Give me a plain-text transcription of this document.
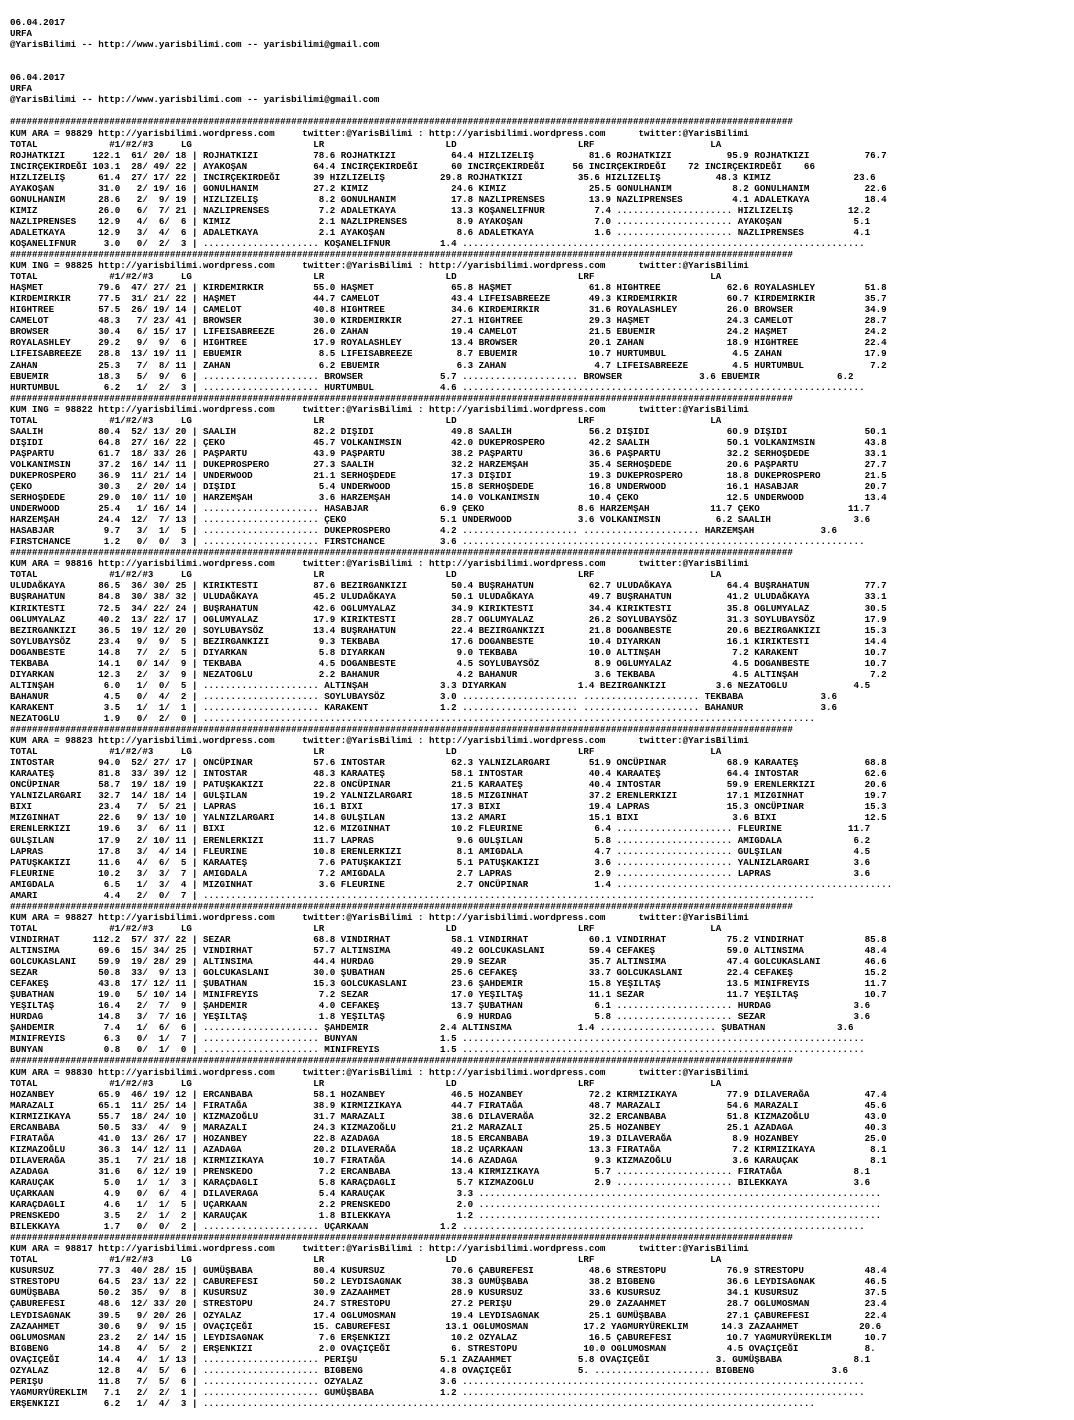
06.04.2017
URFA
@YarisBilimi -- http://www.yarisbilimi.com -- yarisbilimi@gmail.com
06.04.2017
URFA
@YarisBilimi -- http://www.yarisbilimi.com -- yarisbilimi@gmail.com
##############################################################################################################################################
KUM ARA = 98829 http://yarisbilimi.wordpress.com     twitter:@YarisBilimi : http://yarisbilimi.wordpress.com      twitter:@YarisBilimi
TOTAL             #1/#2/#3     LG                      LR                      LD                      LRF                     LA
ROJHATKIZI     122.1  61/ 20/ 18 | ROJHATKIZI          78.6 ROJHATKIZI          64.4 HIZLIZELIŞ          81.6 ROJHATKIZI          95.9 ROJHATKIZI          76.7
INCIRÇEKIRDEĞI 103.1  28/ 49/ 22 | AYAKOŞAN            64.4 INCIRÇEKIRDEĞI      60 INCIRÇEKIRDEĞI     56 INCIRÇEKIRDEĞI    72 INCIRÇEKIRDEĞI    66
HIZLIZELIŞ      61.4  27/ 17/ 22 | INCIRÇEKIRDEĞI      39 HIZLIZELIŞ          29.8 ROJHATKIZI          35.6 HIZLIZELIŞ          48.3 KIMIZ               23.6
AYAKOŞAN        31.0   2/ 19/ 16 | GONULHANIM          27.2 KIMIZ               24.6 KIMIZ               25.5 GONULHANIM           8.2 GONULHANIM          22.6
GONULHANIM      28.6   2/  9/ 19 | HIZLIZELIŞ           8.2 GONULHANIM          17.8 NAZLIPRENSES        13.9 NAZLIPRENSES         4.1 ADALETKAYA          18.4
KIMIZ           26.0   6/  7/ 21 | NAZLIPRENSES         7.2 ADALETKAYA          13.3 KOŞANELIFNUR         7.4 ..................... HIZLIZELIŞ          12.2
NAZLIPRENSES    12.9   4/  6/  6 | KIMIZ                2.1 NAZLIPRENSES         8.9 AYAKOŞAN             7.0 ..................... AYAKOŞAN             5.1
ADALETKAYA      12.9   3/  4/  6 | ADALETKAYA           2.1 AYAKOŞAN             8.6 ADALETKAYA           1.6 ..................... NAZLIPRENSES         4.1
KOŞANELIFNUR     3.0   0/  2/  3 | ..................... KOŞANELIFNUR         1.4 .........................................................................
##############################################################################################################################################
KUM ING = 98825 http://yarisbilimi.wordpress.com     twitter:@YarisBilimi : http://yarisbilimi.wordpress.com      twitter:@YarisBilimi
TOTAL             #1/#2/#3     LG                      LR                      LD                      LRF                     LA
HAŞMET          79.6  47/ 27/ 21 | KIRDEMIRKIR         55.0 HAŞMET              65.8 HAŞMET              61.8 HIGHTREE            62.6 ROYALASHLEY         51.8
KIRDEMIRKIR     77.5  31/ 21/ 22 | HAŞMET              44.7 CAMELOT             43.4 LIFEISABREEZE       49.3 KIRDEMIRKIR         60.7 KIRDEMIRKIR         35.7
HIGHTREE        57.5  26/ 19/ 14 | CAMELOT             40.8 HIGHTREE            34.6 KIRDEMIRKIR         31.6 ROYALASHLEY         26.0 BROWSER             34.9
CAMELOT         48.3   7/ 23/ 41 | BROWSER             30.0 KIRDEMIRKIR         27.1 HIGHTREE            29.3 HAŞMET              24.3 CAMELOT             28.7
BROWSER         30.4   6/ 15/ 17 | LIFEISABREEZE       26.0 ZAHAN               19.4 CAMELOT             21.5 EBUEMIR             24.2 HAŞMET              24.2
ROYALASHLEY     29.2   9/  9/  6 | HIGHTREE            17.9 ROYALASHLEY         13.4 BROWSER             20.1 ZAHAN               18.9 HIGHTREE            22.4
LIFEISABREEZE   28.8  13/ 19/ 11 | EBUEMIR              8.5 LIFEISABREEZE        8.7 EBUEMIR             10.7 HURTUMBUL            4.5 ZAHAN               17.9
ZAHAN           25.3   7/  8/ 11 | ZAHAN                6.2 EBUEMIR              6.3 ZAHAN                4.7 LIFEISABREEZE        4.5 HURTUMBUL            7.2
EBUEMIR         18.3   5/  9/  6 | ..................... BROWSER              5.7 ..................... BROWSER              3.6 EBUEMIR              6.2
HURTUMBUL        6.2   1/  2/  3 | ..................... HURTUMBUL            4.6 .........................................................................
##############################################################################################################################################
KUM ING = 98822 http://yarisbilimi.wordpress.com     twitter:@YarisBilimi : http://yarisbilimi.wordpress.com      twitter:@YarisBilimi
TOTAL             #1/#2/#3     LG                      LR                      LD                      LRF                     LA
SAALIH          80.4  52/ 13/ 20 | SAALIH              82.2 DIŞIDI              49.8 SAALIH              56.2 DIŞIDI              60.9 DIŞIDI              50.1
DIŞIDI          64.8  27/ 16/ 22 | ÇEKO                45.7 VOLKANIMSIN         42.0 DUKEPROSPERO        42.2 SAALIH              50.1 VOLKANIMSIN         43.8
PAŞPARTU        61.7  18/ 33/ 26 | PAŞPARTU            43.9 PAŞPARTU            38.2 PAŞPARTU            36.6 PAŞPARTU            32.2 SERHOŞDEDE          33.1
VOLKANIMSIN     37.2  16/ 14/ 11 | DUKEPROSPERO        27.3 SAALIH              32.2 HARZEMŞAH           35.4 SERHOŞDEDE          20.6 PAŞPARTU            27.7
DUKEPROSPERO    36.9  11/ 21/ 14 | UNDERWOOD           21.1 SERHOŞDEDE          17.3 DIŞIDI              19.3 DUKEPROSPERO        18.8 DUKEPROSPERO        21.5
ÇEKO            30.3   2/ 20/ 14 | DIŞIDI               5.4 UNDERWOOD           15.8 SERHOŞDEDE          16.8 UNDERWOOD           16.1 HASABJAR            20.7
SERHOŞDEDE      29.0  10/ 11/ 10 | HARZEMŞAH            3.6 HARZEMŞAH           14.0 VOLKANIMSIN         10.4 ÇEKO                12.5 UNDERWOOD           13.4
UNDERWOOD       25.4   1/ 16/ 14 | ..................... HASABJAR             6.9 ÇEKO                 8.6 HARZEMŞAH           11.7 ÇEKO                11.7
HARZEMŞAH       24.4  12/  7/ 13 | ..................... ÇEKO                 5.1 UNDERWOOD            3.6 VOLKANIMSIN          6.2 SAALIH               3.6
HASABJAR         9.7   3/  1/  5 | ..................... DUKEPROSPERO         4.2 ..................... ..................... HARZEMŞAH            3.6
FIRSTCHANCE      1.2   0/  0/  3 | ..................... FIRSTCHANCE          3.6 .........................................................................
##############################################################################################################################################
KUM ARA = 98816 http://yarisbilimi.wordpress.com     twitter:@YarisBilimi : http://yarisbilimi.wordpress.com      twitter:@YarisBilimi
TOTAL             #1/#2/#3     LG                      LR                      LD                      LRF                     LA
ULUDAĞKAYA      86.5  36/ 30/ 25 | KIRIKTESTI          87.6 BEZIRGANKIZI        50.4 BUŞRAHATUN          62.7 ULUDAĞKAYA          64.4 BUŞRAHATUN          77.7
BUŞRAHATUN      84.8  30/ 38/ 32 | ULUDAĞKAYA          45.2 ULUDAĞKAYA          50.1 ULUDAĞKAYA          49.7 BUŞRAHATUN          41.2 ULUDAĞKAYA          33.1
KIRIKTESTI      72.5  34/ 22/ 24 | BUŞRAHATUN          42.6 OGLUMYALAZ          34.9 KIRIKTESTI          34.4 KIRIKTESTI          35.8 OGLUMYALAZ          30.5
OGLUMYALAZ      40.2  13/ 22/ 17 | OGLUMYALAZ          17.9 KIRIKTESTI          28.7 OGLUMYALAZ          26.2 SOYLUBAYSÖZ         31.3 SOYLUBAYSÖZ         17.9
BEZIRGANKIZI    36.5  19/ 12/ 20 | SOYLUBAYSÖZ         13.4 BUŞRAHATUN          22.4 BEZIRGANKIZI        21.8 DOGANBESTE          20.6 BEZIRGANKIZI        15.3
SOYLUBAYSÖZ     23.4   9/  9/  5 | BEZIRGANKIZI         9.3 TEKBABA             17.6 DOGANBESTE          10.4 DIYARKAN            16.1 KIRIKTESTI          14.4
DOGANBESTE      14.8   7/  2/  5 | DIYARKAN             5.8 DIYARKAN             9.0 TEKBABA             10.0 ALTINŞAH             7.2 KARAKENT            10.7
TEKBABA         14.1   0/ 14/  9 | TEKBABA              4.5 DOGANBESTE           4.5 SOYLUBAYSÖZ          8.9 OGLUMYALAZ           4.5 DOGANBESTE          10.7
DIYARKAN        12.3   2/  3/  9 | NEZATOGLU            2.2 BAHANUR              4.2 BAHANUR              3.6 TEKBABA              4.5 ALTINŞAH             7.2
ALTINŞAH         6.0   1/  0/  5 | ..................... ALTINŞAH             3.3 DIYARKAN             1.4 BEZIRGANKIZI         3.6 NEZATOGLU            4.5
BAHANUR          4.5   0/  4/  2 | ..................... SOYLUBAYSÖZ          3.0 ..................... ..................... TEKBABA              3.6
KARAKENT         3.5   1/  1/  1 | ..................... KARAKENT             1.2 ..................... ..................... BAHANUR              3.6
NEZATOGLU        1.9   0/  2/  0 | ...............................................................................................................
##############################################################################################################################################
KUM ARA = 98823 http://yarisbilimi.wordpress.com     twitter:@YarisBilimi : http://yarisbilimi.wordpress.com      twitter:@YarisBilimi
TOTAL             #1/#2/#3     LG                      LR                      LD                      LRF                     LA
INTOSTAR        94.0  52/ 27/ 17 | ONCÜPINAR           57.6 INTOSTAR            62.3 YALNIZLARGARI       51.9 ONCÜPINAR           68.9 KARAATEŞ            68.8
KARAATEŞ        81.8  33/ 39/ 12 | INTOSTAR            48.3 KARAATEŞ            58.1 INTOSTAR            40.4 KARAATEŞ            64.4 INTOSTAR            62.6
ONCÜPINAR       58.7  19/ 18/ 19 | PATUŞKAKIZI         22.8 ONCÜPINAR           21.5 KARAATEŞ            40.4 INTOSTAR            59.9 ERENLERKIZI         20.6
YALNIZLARGARI   32.7  14/ 18/ 14 | GULŞILAN            19.2 YALNIZLARGARI       18.5 MIZGINHAT           37.2 ERENLERKIZI         17.1 MIZGINHAT           19.7
BIXI            23.4   7/  5/ 21 | LAPRAS              16.1 BIXI                17.3 BIXI                19.4 LAPRAS              15.3 ONCÜPINAR           15.3
MIZGINHAT       22.6   9/ 13/ 10 | YALNIZLARGARI       14.8 GULŞILAN            13.2 AMARI               15.1 BIXI                 3.6 BIXI                12.5
ERENLERKIZI     19.6   3/  6/ 11 | BIXI                12.6 MIZGINHAT           10.2 FLEURINE             6.4 ..................... FLEURINE            11.7
GULŞILAN        17.9   2/ 10/ 11 | ERENLERKIZI         11.7 LAPRAS               9.6 GULŞILAN             5.8 ..................... AMIGDALA             6.2
LAPRAS          17.8   3/  4/ 14 | FLEURINE            10.8 ERENLERKIZI          8.1 AMIGDALA             4.7 ..................... GULŞILAN             4.5
PATUŞKAKIZI     11.6   4/  6/  5 | KARAATEŞ             7.6 PATUŞKAKIZI          5.1 PATUŞKAKIZI          3.6 ..................... YALNIZLARGARI        3.6
FLEURINE        10.2   3/  3/  7 | AMIGDALA             7.2 AMIGDALA             2.7 LAPRAS               2.9 ..................... LAPRAS               3.6
AMIGDALA         6.5   1/  3/  4 | MIZGINHAT            3.6 FLEURINE             2.7 ONCÜPINAR            1.4 ..................................................
AMARI            4.4   2/  0/  7 | ...............................................................................................................
##############################################################################################################################################
KUM ARA = 98827 http://yarisbilimi.wordpress.com     twitter:@YarisBilimi : http://yarisbilimi.wordpress.com      twitter:@YarisBilimi
TOTAL             #1/#2/#3     LG                      LR                      LD                      LRF                     LA
VINDIRHAT      112.2  57/ 37/ 22 | SEZAR               68.8 VINDIRHAT           58.1 VINDIRHAT           60.1 VINDIRHAT           75.2 VINDIRHAT           85.8
ALTINSIMA       69.6  15/ 34/ 25 | VINDIRHAT           57.7 ALTINSIMA           49.2 GOLCUKASLANI        59.4 CEFAKEŞ             59.0 ALTINSIMA           48.4
GOLCUKASLANI    59.9  19/ 28/ 29 | ALTINSIMA           44.4 HURDAG              29.9 SEZAR               35.7 ALTINSIMA           47.4 GOLCUKASLANI        46.6
SEZAR           50.8  33/  9/ 13 | GOLCUKASLANI        30.0 ŞUBATHAN            25.6 CEFAKEŞ             33.7 GOLCUKASLANI        22.4 CEFAKEŞ             15.2
CEFAKEŞ         43.8  17/ 12/ 11 | ŞUBATHAN            15.3 GOLCUKASLANI        23.6 ŞAHDEMIR            15.8 YEŞILTAŞ            13.5 MINIFREYIS          11.7
ŞUBATHAN        19.0   5/ 10/ 14 | MINIFREYIS           7.2 SEZAR               17.0 YEŞILTAŞ            11.1 SEZAR               11.7 YEŞILTAŞ            10.7
YEŞILTAŞ        16.4   2/  7/  9 | ŞAHDEMIR             4.0 CEFAKEŞ             13.7 ŞUBATHAN             6.1 ..................... HURDAG               3.6
HURDAG          14.8   3/  7/ 16 | YEŞILTAŞ             1.8 YEŞILTAŞ             6.9 HURDAG               5.8 ..................... SEZAR                3.6
ŞAHDEMIR         7.4   1/  6/  6 | ..................... ŞAHDEMIR             2.4 ALTINSIMA            1.4 ..................... ŞUBATHAN             3.6
MINIFREYIS       6.3   0/  1/  7 | ..................... BUNYAN               1.5 .........................................................................
BUNYAN           0.8   0/  1/  0 | ..................... MINIFREYIS           1.5 .........................................................................
##############################################################################################################################################
KUM ARA = 98830 http://yarisbilimi.wordpress.com     twitter:@YarisBilimi : http://yarisbilimi.wordpress.com      twitter:@YarisBilimi
TOTAL             #1/#2/#3     LG                      LR                      LD                      LRF                     LA
HOZANBEY        65.9  46/ 19/ 12 | ERCANBABA           58.1 HOZANBEY            46.5 HOZANBEY            72.2 KIRMIZIKAYA         77.9 DILAVERAĞA          47.4
MARAZALI        65.1  11/ 25/ 14 | FIRATAĞA            38.9 KIRMIZIKAYA         44.7 FIRATAĞA            48.7 MARAZALI            54.6 MARAZALI            45.6
KIRMIZIKAYA     55.7  18/ 24/ 10 | KIZMAZOĞLU          31.7 MARAZALI            38.6 DILAVERAĞA          32.2 ERCANBABA           51.8 KIZMAZOĞLU          43.0
ERCANBABA       50.5  33/  4/  9 | MARAZALI            24.3 KIZMAZOĞLU          21.2 MARAZALI            25.5 HOZANBEY            25.1 AZADAGA             40.3
FIRATAĞA        41.0  13/ 26/ 17 | HOZANBEY            22.8 AZADAGA             18.5 ERCANBABA           19.3 DILAVERAĞA           8.9 HOZANBEY            25.0
KIZMAZOĞLU      36.3  14/ 12/ 11 | AZADAGA             20.2 DILAVERAĞA          18.2 UÇARKAAN            13.3 FIRATAĞA             7.2 KIRMIZIKAYA          8.1
DILAVERAĞA      35.1   7/ 21/ 18 | KIRMIZIKAYA         10.7 FIRATAĞA            14.6 AZADAGA              9.3 KIZMAZOĞLU           3.6 KARAUÇAK             8.1
AZADAGA         31.6   6/ 12/ 19 | PRENSKEDO            7.2 ERCANBABA           13.4 KIRMIZIKAYA          5.7 ..................... FIRATAĞA             8.1
KARAUÇAK         5.0   1/  1/  3 | KARAÇDAGLI           5.8 KARAÇDAGLI           5.7 KIZMAZOGLU           2.9 ..................... BILEKKAYA            3.6
UÇARKAAN         4.9   0/  6/  4 | DILAVERAGA           5.4 KARAUÇAK             3.3 .........................................................................
KARAÇDAGLI       4.6   1/  1/  5 | UÇARKAAN             2.2 PRENSKEDO            2.0 .........................................................................
PRENSKEDO        3.5   2/  1/  2 | KARAUÇAK             1.8 BILEKKAYA            1.2 .........................................................................
BILEKKAYA        1.7   0/  0/  2 | ..................... UÇARKAAN             1.2 .........................................................................
##############################################################################################################################################
KUM ARA = 98817 http://yarisbilimi.wordpress.com     twitter:@YarisBilimi : http://yarisbilimi.wordpress.com      twitter:@YarisBilimi
TOTAL             #1/#2/#3     LG                      LR                      LD                      LRF                     LA
KUSURSUZ        77.3  40/ 28/ 15 | GUMÜŞBABA           80.4 KUSURSUZ            70.6 ÇABUREFESI          48.6 STRESTOPU           76.9 STRESTOPU           48.4
STRESTOPU       64.5  23/ 13/ 22 | CABUREFESI          50.2 LEYDISAGNAK         38.3 GUMÜŞBABA           38.2 BIGBENG             36.6 LEYDISAGNAK         46.5
GUMÜŞBABA       50.2  35/  9/  8 | KUSURSUZ            30.9 ZAZAAHMET           28.9 KUSURSUZ            33.6 KUSURSUZ            34.1 KUSURSUZ            37.5
ÇABUREFESI      48.6  12/ 33/ 20 | STRESTOPU           24.7 STRESTOPU           27.2 PERIŞU              29.0 ZAZAAHMET           28.7 OGLUMOSMAN          23.4
LEYDISAGNAK     39.5   9/ 20/ 26 | OZYALAZ             17.4 OGLUMOSMAN          19.4 LEYDISAGNAK         25.1 GUMÜŞBABA           27.1 ÇABUREFESI          22.4
ZAZAAHMET       30.6   9/  9/ 15 | OVAÇIÇEĞI           15. CABUREFESI          13.1 OGLUMOSMAN          17.2 YAGMURYÜREKLIM      14.3 ZAZAAHMET           20.6
OGLUMOSMAN      23.2   2/ 14/ 15 | LEYDISAGNAK          7.6 ERŞENKIZI           10.2 OZYALAZ             16.5 ÇABUREFESI          10.7 YAGMURYÜREKLIM      10.7
BIGBENG         14.8   4/  5/  2 | ERŞENKIZI            2.0 OVAÇIÇEĞI           6. STRESTOPU            10.0 OGLUMOSMAN           4.5 OVAÇIÇEĞI            8.
OVAÇIÇEĞI       14.4   4/  1/ 13 | ..................... PERIŞU               5.1 ZAZAAHMET            5.8 OVAÇIÇEĞI            3. GUMÜŞBABA             8.1
OZYALAZ         12.8   4/  5/  6 | ..................... BIGBENG              4.8 OVAÇIÇEĞI            5. ..................... BIGBENG              3.6
PERIŞU          11.8   7/  5/  6 | ..................... OZYALAZ              3.6 .........................................................................
YAGMURYÜREKLIM   7.1   2/  2/  1 | ..................... GUMÜŞBABA            1.2 .........................................................................
ERŞENKIZI        6.2   1/  4/  3 | ...............................................................................................................
